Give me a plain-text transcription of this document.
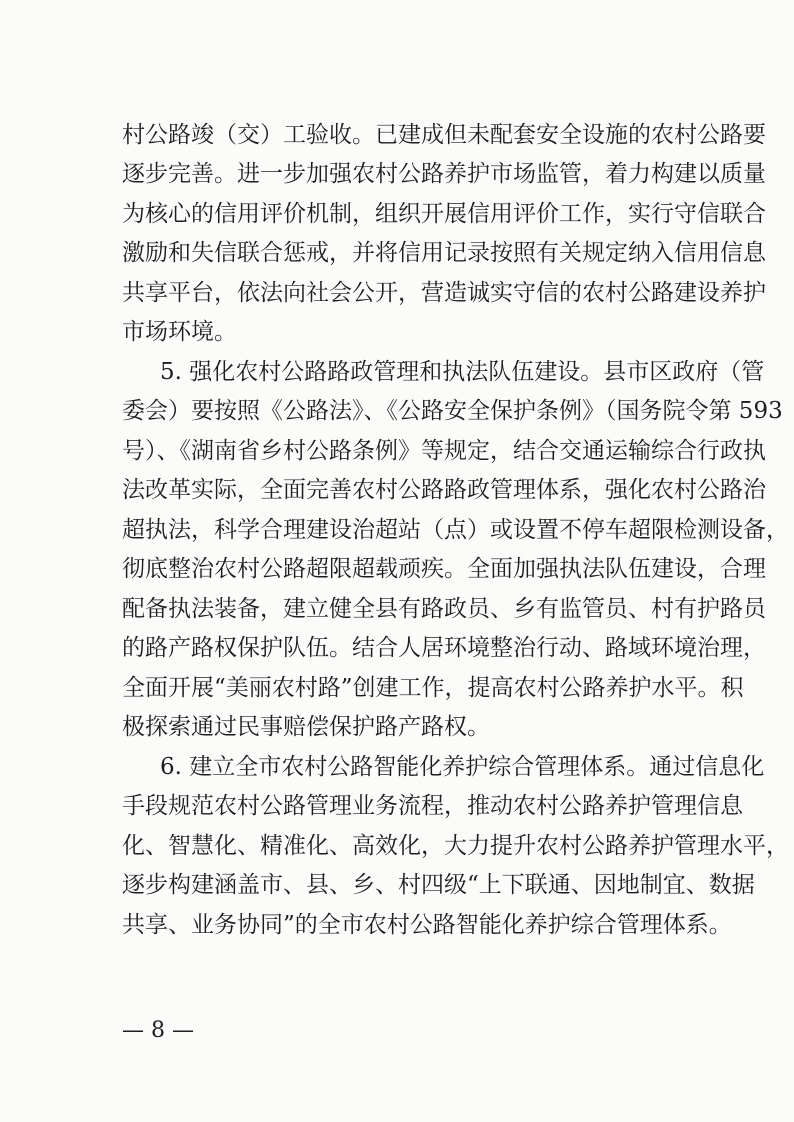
村公路竣（交）工验收。已建成但未配套安全设施的农村公路要
逐步完善。进一步加强农村公路养护市场监管，着力构建以质量
为核心的信用评价机制，组织开展信用评价工作，实行守信联合
激励和失信联合惩戒，并将信用记录按照有关规定纳入信用信息
共享平台，依法向社会公开，营造诚实守信的农村公路建设养护
市场环境。
5. 强化农村公路路政管理和执法队伍建设。县市区政府（管
委会）要按照《公路法》、《公路安全保护条例》（国务院令第 593
号）、《湖南省乡村公路条例》等规定，结合交通运输综合行政执
法改革实际，全面完善农村公路路政管理体系，强化农村公路治
超执法，科学合理建设治超站（点）或设置不停车超限检测设备，
彻底整治农村公路超限超载顽疾。全面加强执法队伍建设，合理
配备执法装备，建立健全县有路政员、乡有监管员、村有护路员
的路产路权保护队伍。结合人居环境整治行动、路域环境治理，
全面开展“美丽农村路”创建工作，提高农村公路养护水平。积
极探索通过民事赔偿保护路产路权。
6. 建立全市农村公路智能化养护综合管理体系。通过信息化
手段规范农村公路管理业务流程，推动农村公路养护管理信息
化、智慧化、精准化、高效化，大力提升农村公路养护管理水平，
逐步构建涵盖市、县、乡、村四级“上下联通、因地制宜、数据
共享、业务协同”的全市农村公路智能化养护综合管理体系。
— 8 —
